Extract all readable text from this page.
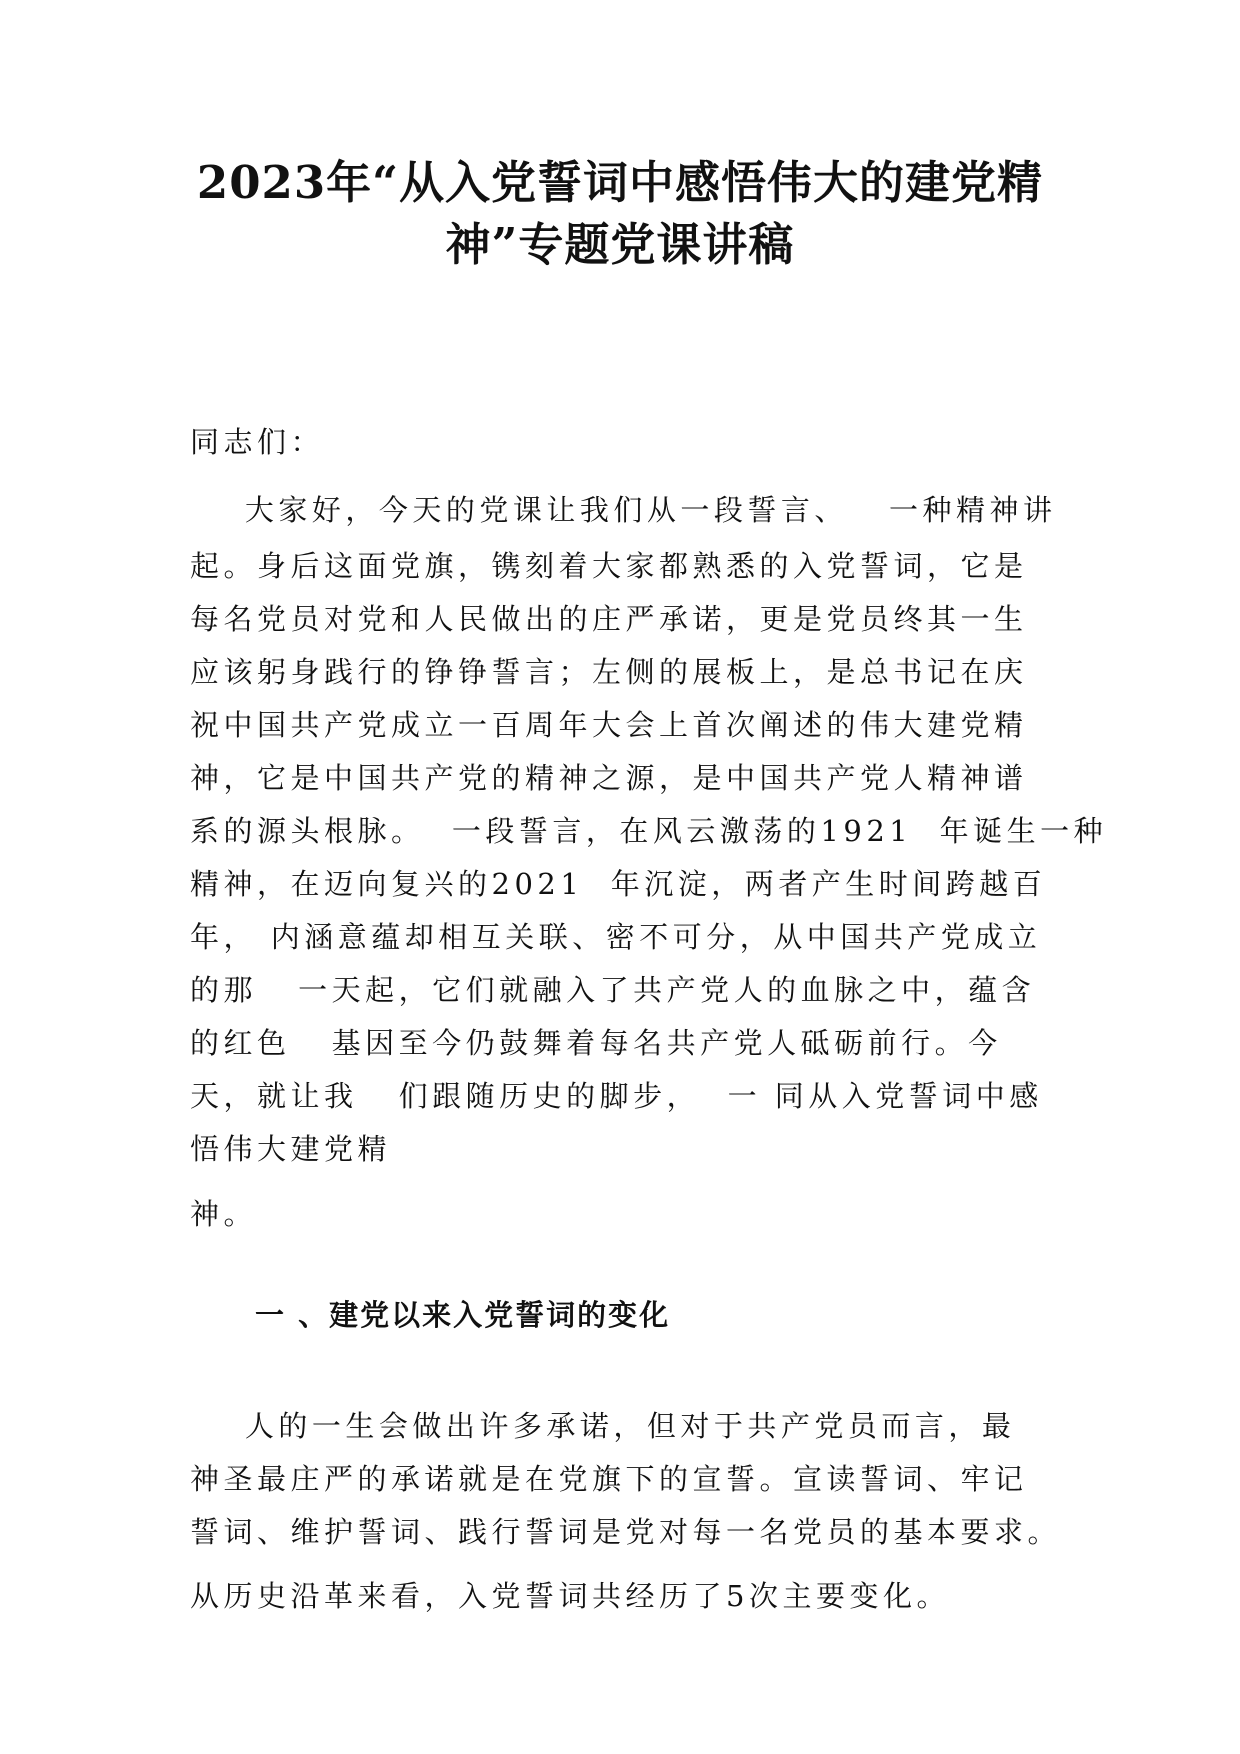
2023年“从入党誓词中感悟伟大的建党精
神”专题党课讲稿

同志们：

大家好，今天的党课让我们从一段誓言、   一种精神讲

起。身后这面党旗，镌刻着大家都熟悉的入党誓词，它是

每名党员对党和人民做出的庄严承诺，更是党员终其一生

应该躬身践行的铮铮誓言；左侧的展板上，是总书记在庆

祝中国共产党成立一百周年大会上首次阐述的伟大建党精

神，它是中国共产党的精神之源，是中国共产党人精神谱

系的源头根脉。  一段誓言，在风云激荡的1921  年诞生一种

精神，在迈向复兴的2021  年沉淀，两者产生时间跨越百

年， 内涵意蕴却相互关联、密不可分，从中国共产党成立

的那   一天起，它们就融入了共产党人的血脉之中，蕴含

的红色   基因至今仍鼓舞着每名共产党人砥砺前行。今

天，就让我   们跟随历史的脚步，  一 同从入党誓词中感

悟伟大建党精

神。

一 、建党以来入党誓词的变化

人的一生会做出许多承诺，但对于共产党员而言，最

神圣最庄严的承诺就是在党旗下的宣誓。宣读誓词、牢记

誓词、维护誓词、践行誓词是党对每一名党员的基本要求。

从历史沿革来看，入党誓词共经历了5次主要变化。
